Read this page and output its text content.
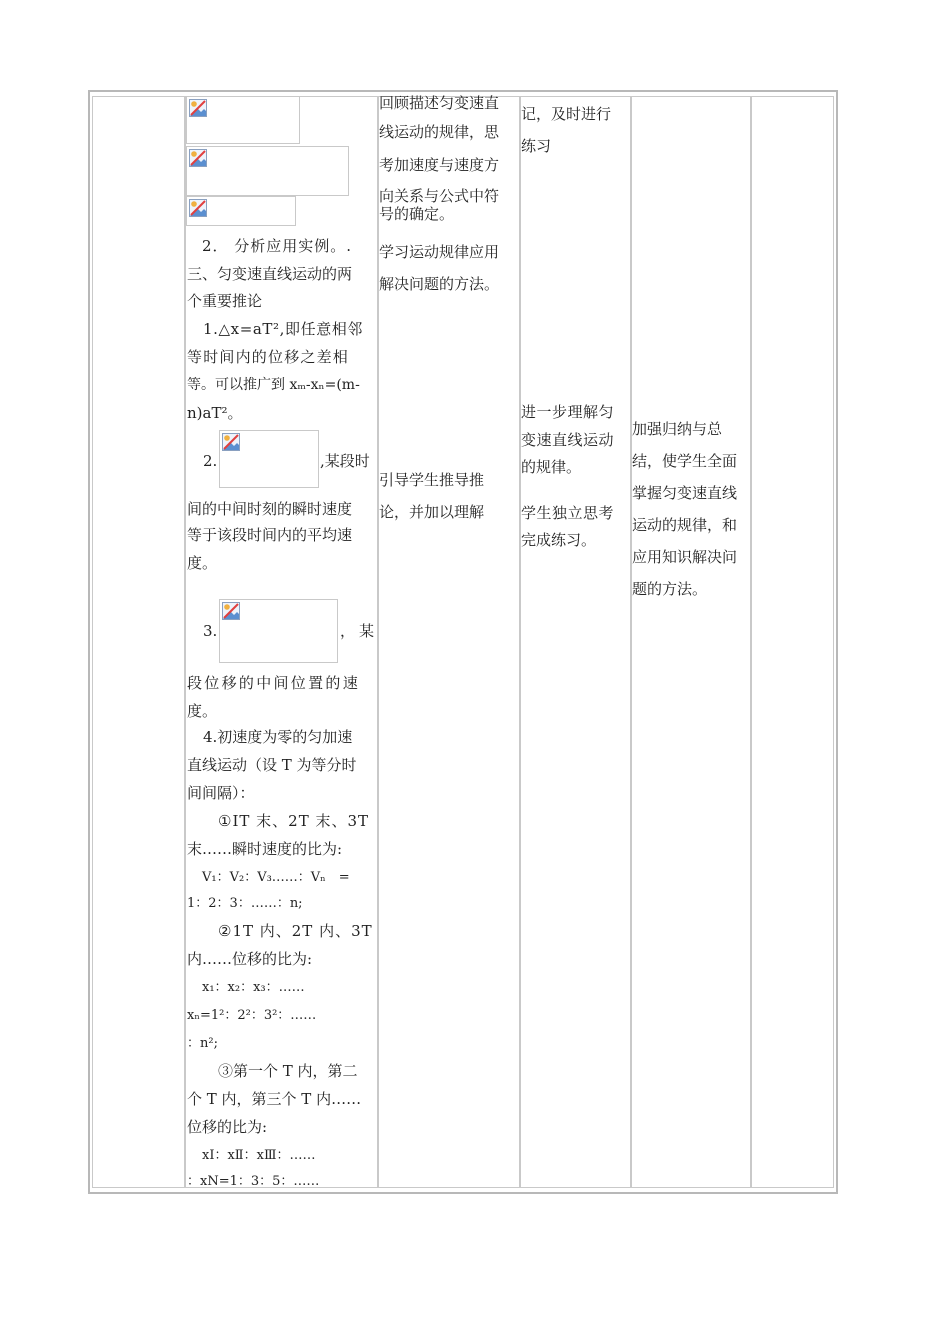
2． 分析应用实例。.

三、匀变速直线运动的两

个重要推论

1.△x=aT²,即任意相邻

等时间内的位移之差相

等。可以推广到 xₘ-xₙ=(m-

n)aT²。

2.	,某段时

间的中间时刻的瞬时速度

等于该段时间内的平均速

度。

3.	，某

段位移的中间位置的速

度。

4.初速度为零的匀加速

直线运动（设 T 为等分时

间间隔）：

①IT 末、2T 末、3T

末……瞬时速度的比为:

V₁：V₂：V₃……：Vₙ　=

1：2：3：……：n;

②1T 内、2T 内、3T

内……位移的比为:

x₁：x₂：x₃：……

xₙ=1²：2²：3²：……

：n²;

③第一个 T 内，第二

个 T 内，第三个 T 内……

位移的比为:

xⅠ：xⅡ：xⅢ：……

：xN=1：3：5：……

回顾描述匀变速直

线运动的规律，思

考加速度与速度方

向关系与公式中符

号的确定。

学习运动规律应用

解决问题的方法。

引导学生推导推

论，并加以理解

记，及时进行

练习

进一步理解匀

变速直线运动

的规律。

学生独立思考

完成练习。

加强归纳与总

结，使学生全面

掌握匀变速直线

运动的规律，和

应用知识解决问

题的方法。
